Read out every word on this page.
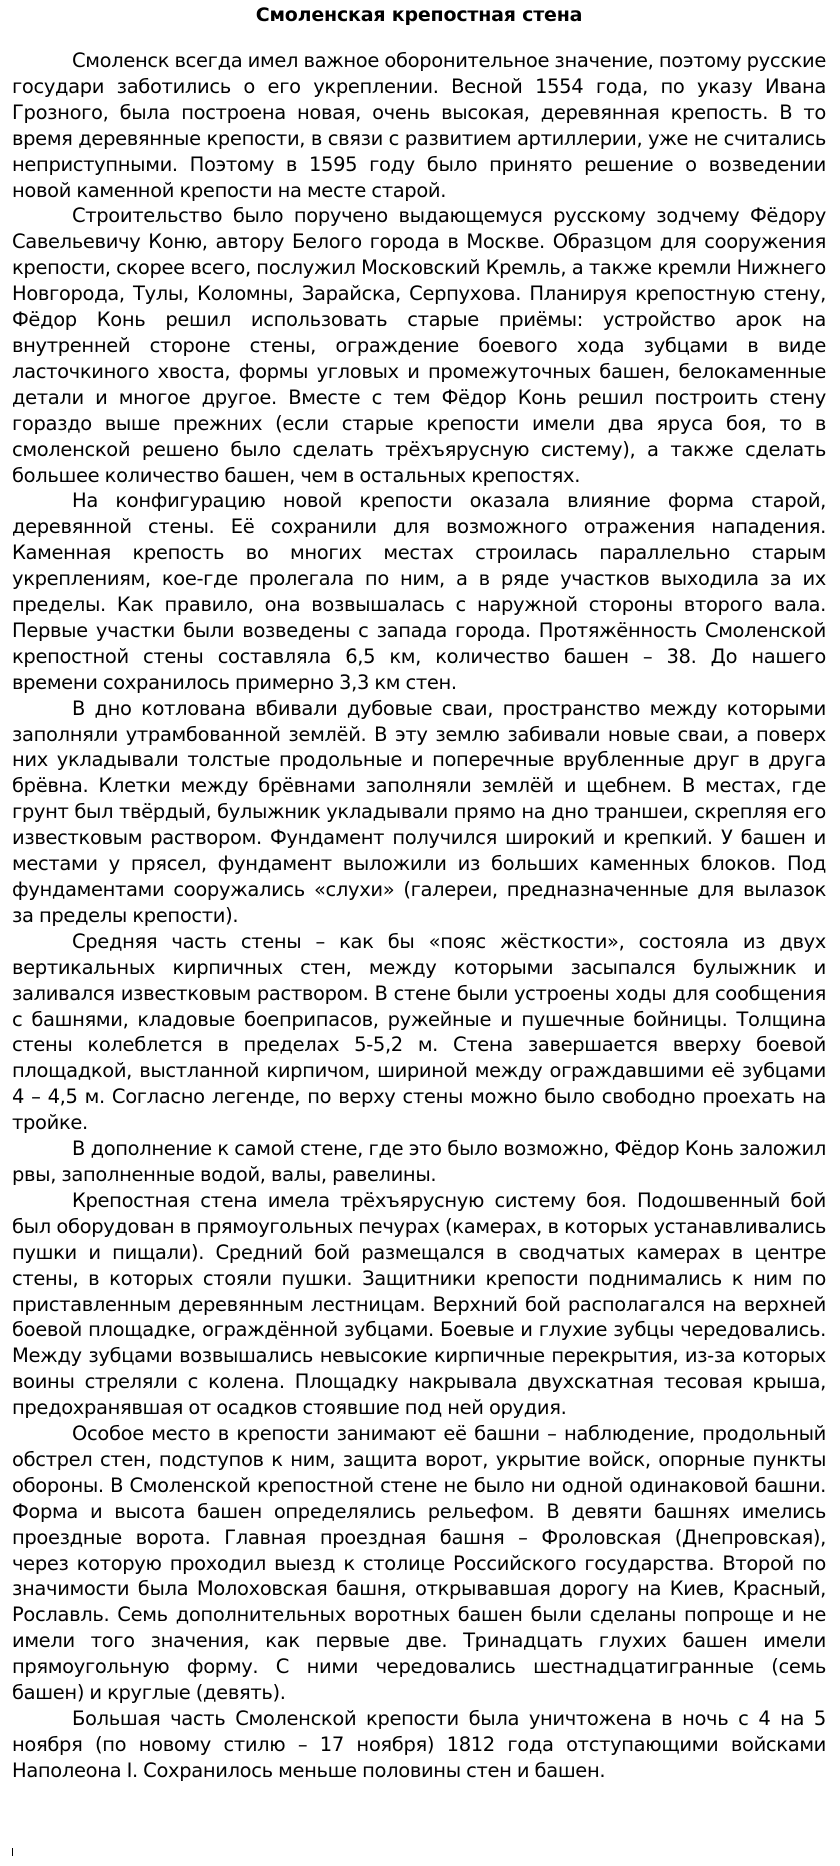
Смоленская крепостная стена

Смоленск всегда имел важное оборонительное значение, поэтому русские государи заботились о его укреплении. Весной 1554 года, по указу Ивана Грозного, была построена новая, очень высокая, деревянная крепость. В то время деревянные крепости, в связи с развитием артиллерии, уже не считались неприступными. Поэтому в 1595 году было принято решение о возведении новой каменной крепости на месте старой.

Строительство было поручено выдающемуся русскому зодчему Фёдору Савельевичу Коню, автору Белого города в Москве. Образцом для сооружения крепости, скорее всего, послужил Московский Кремль, а также кремли Нижнего Новгорода, Тулы, Коломны, Зарайска, Серпухова. Планируя крепостную стену, Фёдор Конь решил использовать старые приёмы: устройство арок на внутренней стороне стены, ограждение боевого хода зубцами в виде ласточкиного хвоста, формы угловых и промежуточных башен, белокаменные детали и многое другое. Вместе с тем Фёдор Конь решил построить стену гораздо выше прежних (если старые крепости имели два яруса боя, то в смоленской решено было сделать трёхъярусную систему), а также сделать большее количество башен, чем в остальных крепостях.

На конфигурацию новой крепости оказала влияние форма старой, деревянной стены. Её сохранили для возможного отражения нападения. Каменная крепость во многих местах строилась параллельно старым укреплениям, кое-где пролегала по ним, а в ряде участков выходила за их пределы. Как правило, она возвышалась с наружной стороны второго вала. Первые участки были возведены с запада города. Протяжённость Смоленской крепостной стены составляла 6,5 км, количество башен – 38. До нашего времени сохранилось примерно 3,3 км стен.

В дно котлована вбивали дубовые сваи, пространство между которыми заполняли утрамбованной землёй. В эту землю забивали новые сваи, а поверх них укладывали толстые продольные и поперечные врубленные друг в друга брёвна. Клетки между брёвнами заполняли землёй и щебнем. В местах, где грунт был твёрдый, булыжник укладывали прямо на дно траншеи, скрепляя его известковым раствором. Фундамент получился широкий и крепкий. У башен и местами у прясел, фундамент выложили из больших каменных блоков. Под фундаментами сооружались «слухи» (галереи, предназначенные для вылазок за пределы крепости).

Средняя часть стены – как бы «пояс жёсткости», состояла из двух вертикальных кирпичных стен, между которыми засыпался булыжник и заливался известковым раствором. В стене были устроены ходы для сообщения с башнями, кладовые боеприпасов, ружейные и пушечные бойницы. Толщина стены колеблется в пределах 5-5,2 м. Стена завершается вверху боевой площадкой, выстланной кирпичом, шириной между ограждавшими её зубцами 4 – 4,5 м. Согласно легенде, по верху стены можно было свободно проехать на тройке.

В дополнение к самой стене, где это было возможно, Фёдор Конь заложил рвы, заполненные водой, валы, равелины.

Крепостная стена имела трёхъярусную систему боя. Подошвенный бой был оборудован в прямоугольных печурах (камерах, в которых устанавливались пушки и пищали). Средний бой размещался в сводчатых камерах в центре стены, в которых стояли пушки. Защитники крепости поднимались к ним по приставленным деревянным лестницам. Верхний бой располагался на верхней боевой площадке, ограждённой зубцами. Боевые и глухие зубцы чередовались. Между зубцами возвышались невысокие кирпичные перекрытия, из-за которых воины стреляли с колена. Площадку накрывала двухскатная тесовая крыша, предохранявшая от осадков стоявшие под ней орудия.

Особое место в крепости занимают её башни – наблюдение, продольный обстрел стен, подступов к ним, защита ворот, укрытие войск, опорные пункты обороны. В Смоленской крепостной стене не было ни одной одинаковой башни. Форма и высота башен определялись рельефом. В девяти башнях имелись проездные ворота. Главная проездная башня – Фроловская (Днепровская), через которую проходил выезд к столице Российского государства. Второй по значимости была Молоховская башня, открывавшая дорогу на Киев, Красный, Рославль. Семь дополнительных воротных башен были сделаны попроще и не имели того значения, как первые две. Тринадцать глухих башен имели прямоугольную форму. С ними чередовались шестнадцатигранные (семь башен) и круглые (девять).

Большая часть Смоленской крепости была уничтожена в ночь с 4 на 5 ноября (по новому стилю – 17 ноября) 1812 года отступающими войсками Наполеона I. Сохранилось меньше половины стен и башен.
